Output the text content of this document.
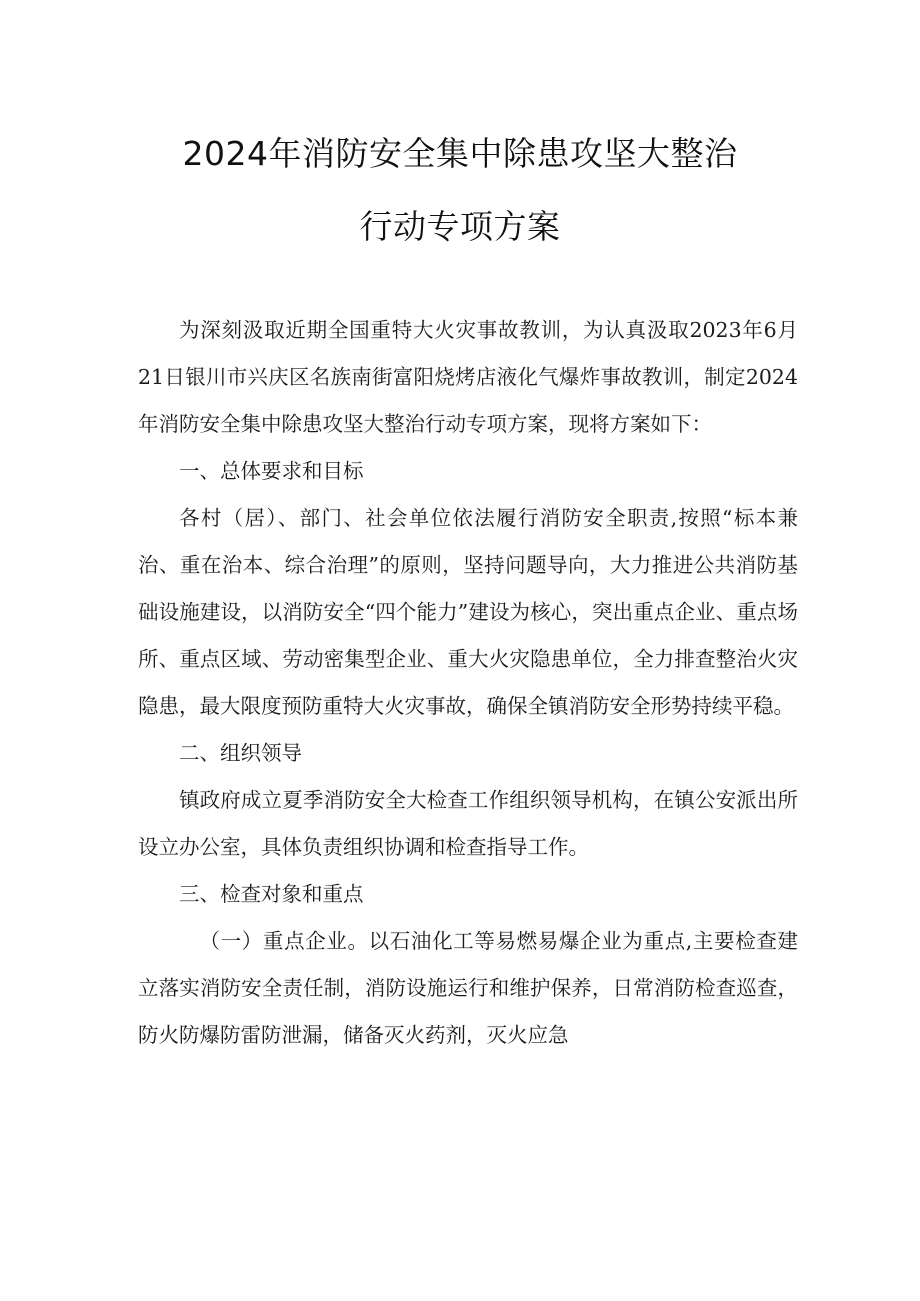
2024年消防安全集中除患攻坚大整治
行动专项方案

为深刻汲取近期全国重特大火灾事故教训，为认真汲取2023年6月21日银川市兴庆区名族南街富阳烧烤店液化气爆炸事故教训，制定2024年消防安全集中除患攻坚大整治行动专项方案，现将方案如下：

一、总体要求和目标

各村（居）、部门、社会单位依法履行消防安全职责,按照“标本兼治、重在治本、综合治理”的原则，坚持问题导向，大力推进公共消防基础设施建设，以消防安全“四个能力”建设为核心，突出重点企业、重点场所、重点区域、劳动密集型企业、重大火灾隐患单位，全力排查整治火灾隐患，最大限度预防重特大火灾事故，确保全镇消防安全形势持续平稳。

二、组织领导

镇政府成立夏季消防安全大检查工作组织领导机构，在镇公安派出所设立办公室，具体负责组织协调和检查指导工作。

三、检查对象和重点

（一）重点企业。以石油化工等易燃易爆企业为重点,主要检查建立落实消防安全责任制，消防设施运行和维护保养，日常消防检查巡查，防火防爆防雷防泄漏，储备灭火药剂，灭火应急
